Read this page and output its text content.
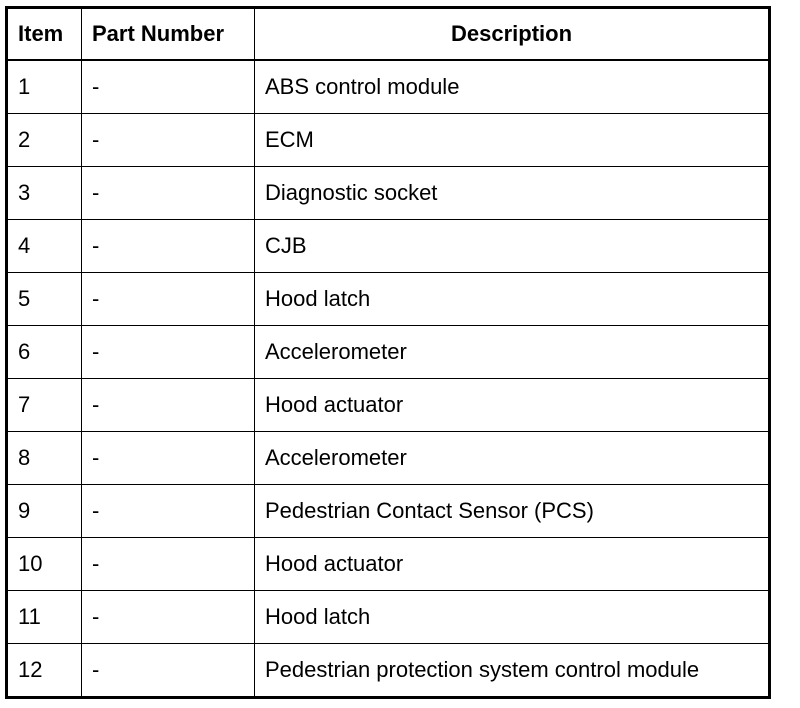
Item	Part Number	Description
1	-	ABS control module
2	-	ECM
3	-	Diagnostic socket
4	-	CJB
5	-	Hood latch
6	-	Accelerometer
7	-	Hood actuator
8	-	Accelerometer
9	-	Pedestrian Contact Sensor (PCS)
10	-	Hood actuator
11	-	Hood latch
12	-	Pedestrian protection system control module
